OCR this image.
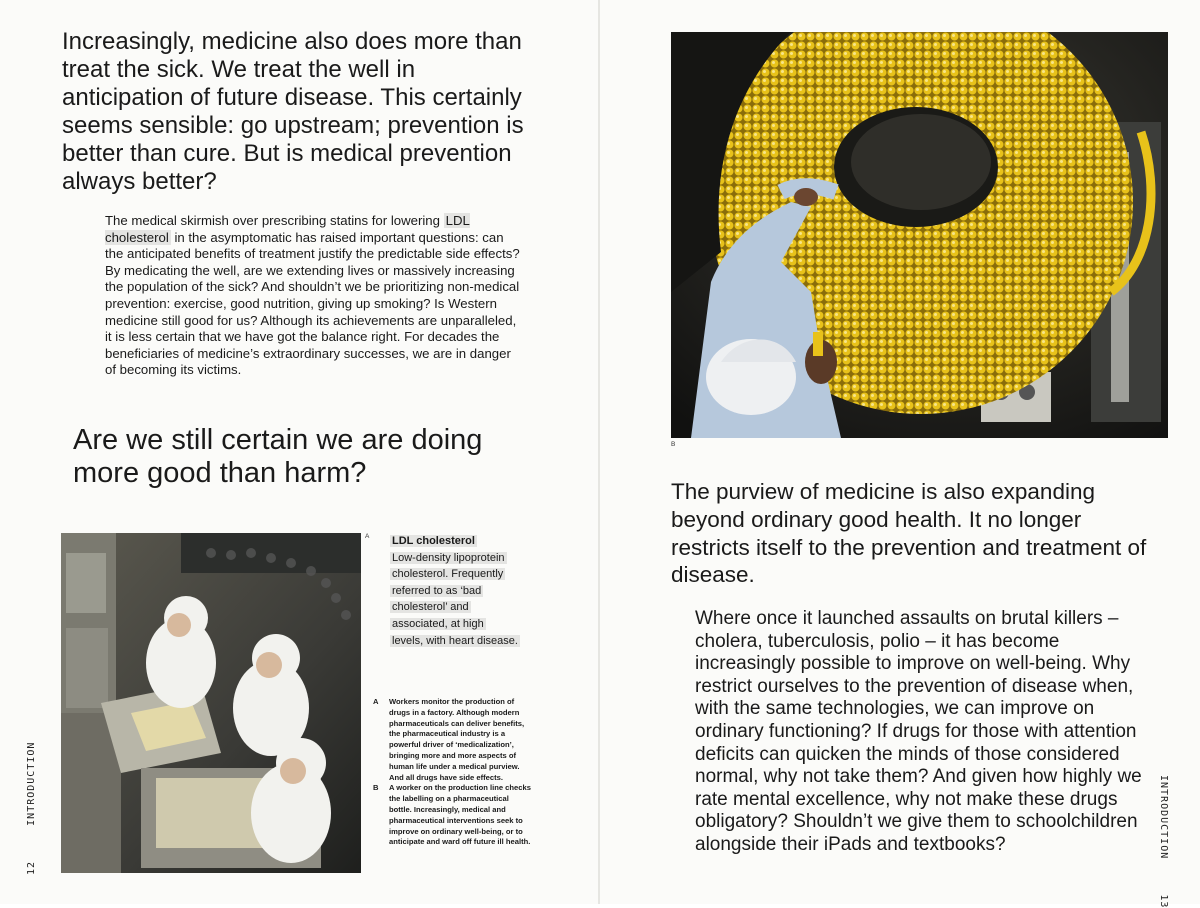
Increasingly, medicine also does more than treat the sick. We treat the well in anticipation of future disease. This certainly seems sensible: go upstream; prevention is better than cure. But is medical prevention always better?

The medical skirmish over prescribing statins for lowering LDL cholesterol in the asymptomatic has raised important questions: can the anticipated benefits of treatment justify the predictable side effects? By medicating the well, are we extending lives or massively increasing the population of the sick? And shouldn’t we be prioritizing non-medical prevention: exercise, good nutrition, giving up smoking? Is Western medicine still good for us? Although its achievements are unparalleled, it is less certain that we have got the balance right. For decades the beneficiaries of medicine’s extraordinary successes, we are in danger of becoming its victims.

Are we still certain we are doing more good than harm?

A LDL cholesterol
Low-density lipoprotein
cholesterol. Frequently
referred to as ‘bad
cholesterol’ and
associated, at high
levels, with heart disease.
A	Workers monitor the production of drugs in a factory. Although modern pharmaceuticals can deliver benefits, the pharmaceutical industry is a powerful driver of ‘medicalization’, bringing more and more aspects of human life under a medical purview. And all drugs have side effects.
B	A worker on the production line checks the labelling on a pharmaceutical bottle. Increasingly, medical and pharmaceutical interventions seek to improve on ordinary well-being, or to anticipate and ward off future ill health.
12     INTRODUCTION
B

The purview of medicine is also expanding beyond ordinary good health. It no longer restricts itself to the prevention and treatment of disease.

Where once it launched assaults on brutal killers – cholera, tuberculosis, polio – it has become increasingly possible to improve on well-being. Why restrict ourselves to the prevention of disease when, with the same technologies, we can improve on ordinary functioning? If drugs for those with attention deficits can quicken the minds of those considered normal, why not take them? And given how highly we rate mental excellence, why not make these drugs obligatory? Shouldn’t we give them to schoolchildren alongside their iPads and textbooks?	INTRODUCTION     13
